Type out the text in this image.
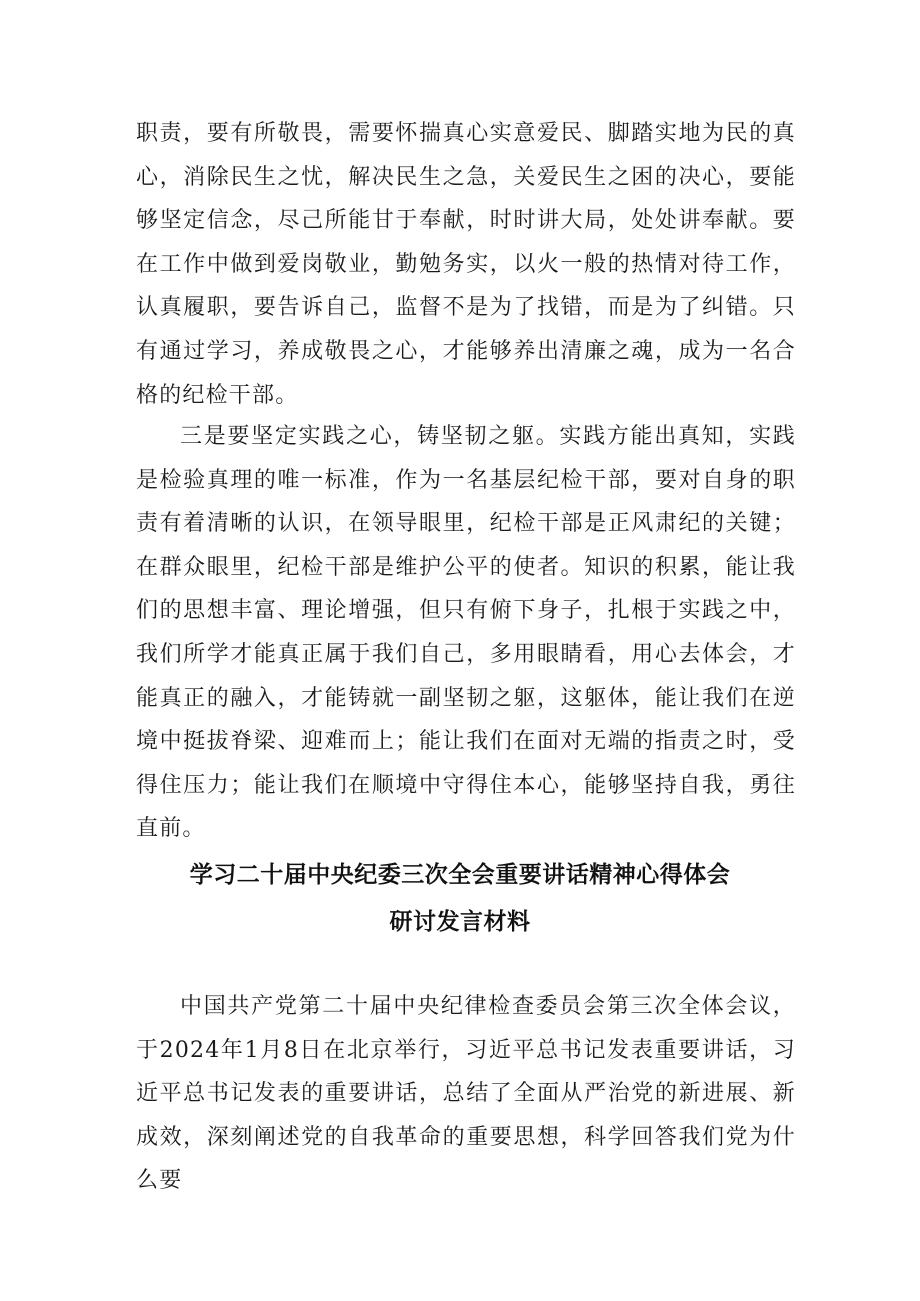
职责，要有所敬畏，需要怀揣真心实意爱民、脚踏实地为民的真心，消除民生之忧，解决民生之急，关爱民生之困的决心，要能够坚定信念，尽己所能甘于奉献，时时讲大局，处处讲奉献。要在工作中做到爱岗敬业，勤勉务实，以火一般的热情对待工作，认真履职，要告诉自己，监督不是为了找错，而是为了纠错。只有通过学习，养成敬畏之心，才能够养出清廉之魂，成为一名合格的纪检干部。

三是要坚定实践之心，铸坚韧之躯。实践方能出真知，实践是检验真理的唯一标准，作为一名基层纪检干部，要对自身的职责有着清晰的认识，在领导眼里，纪检干部是正风肃纪的关键；在群众眼里，纪检干部是维护公平的使者。知识的积累，能让我们的思想丰富、理论增强，但只有俯下身子，扎根于实践之中，我们所学才能真正属于我们自己，多用眼睛看，用心去体会，才能真正的融入，才能铸就一副坚韧之躯，这躯体，能让我们在逆境中挺拔脊梁、迎难而上；能让我们在面对无端的指责之时，受得住压力；能让我们在顺境中守得住本心，能够坚持自我，勇往直前。

学习二十届中央纪委三次全会重要讲话精神心得体会
研讨发言材料

中国共产党第二十届中央纪律检查委员会第三次全体会议，于2024年1月8日在北京举行，习近平总书记发表重要讲话，习近平总书记发表的重要讲话，总结了全面从严治党的新进展、新成效，深刻阐述党的自我革命的重要思想，科学回答我们党为什么要
